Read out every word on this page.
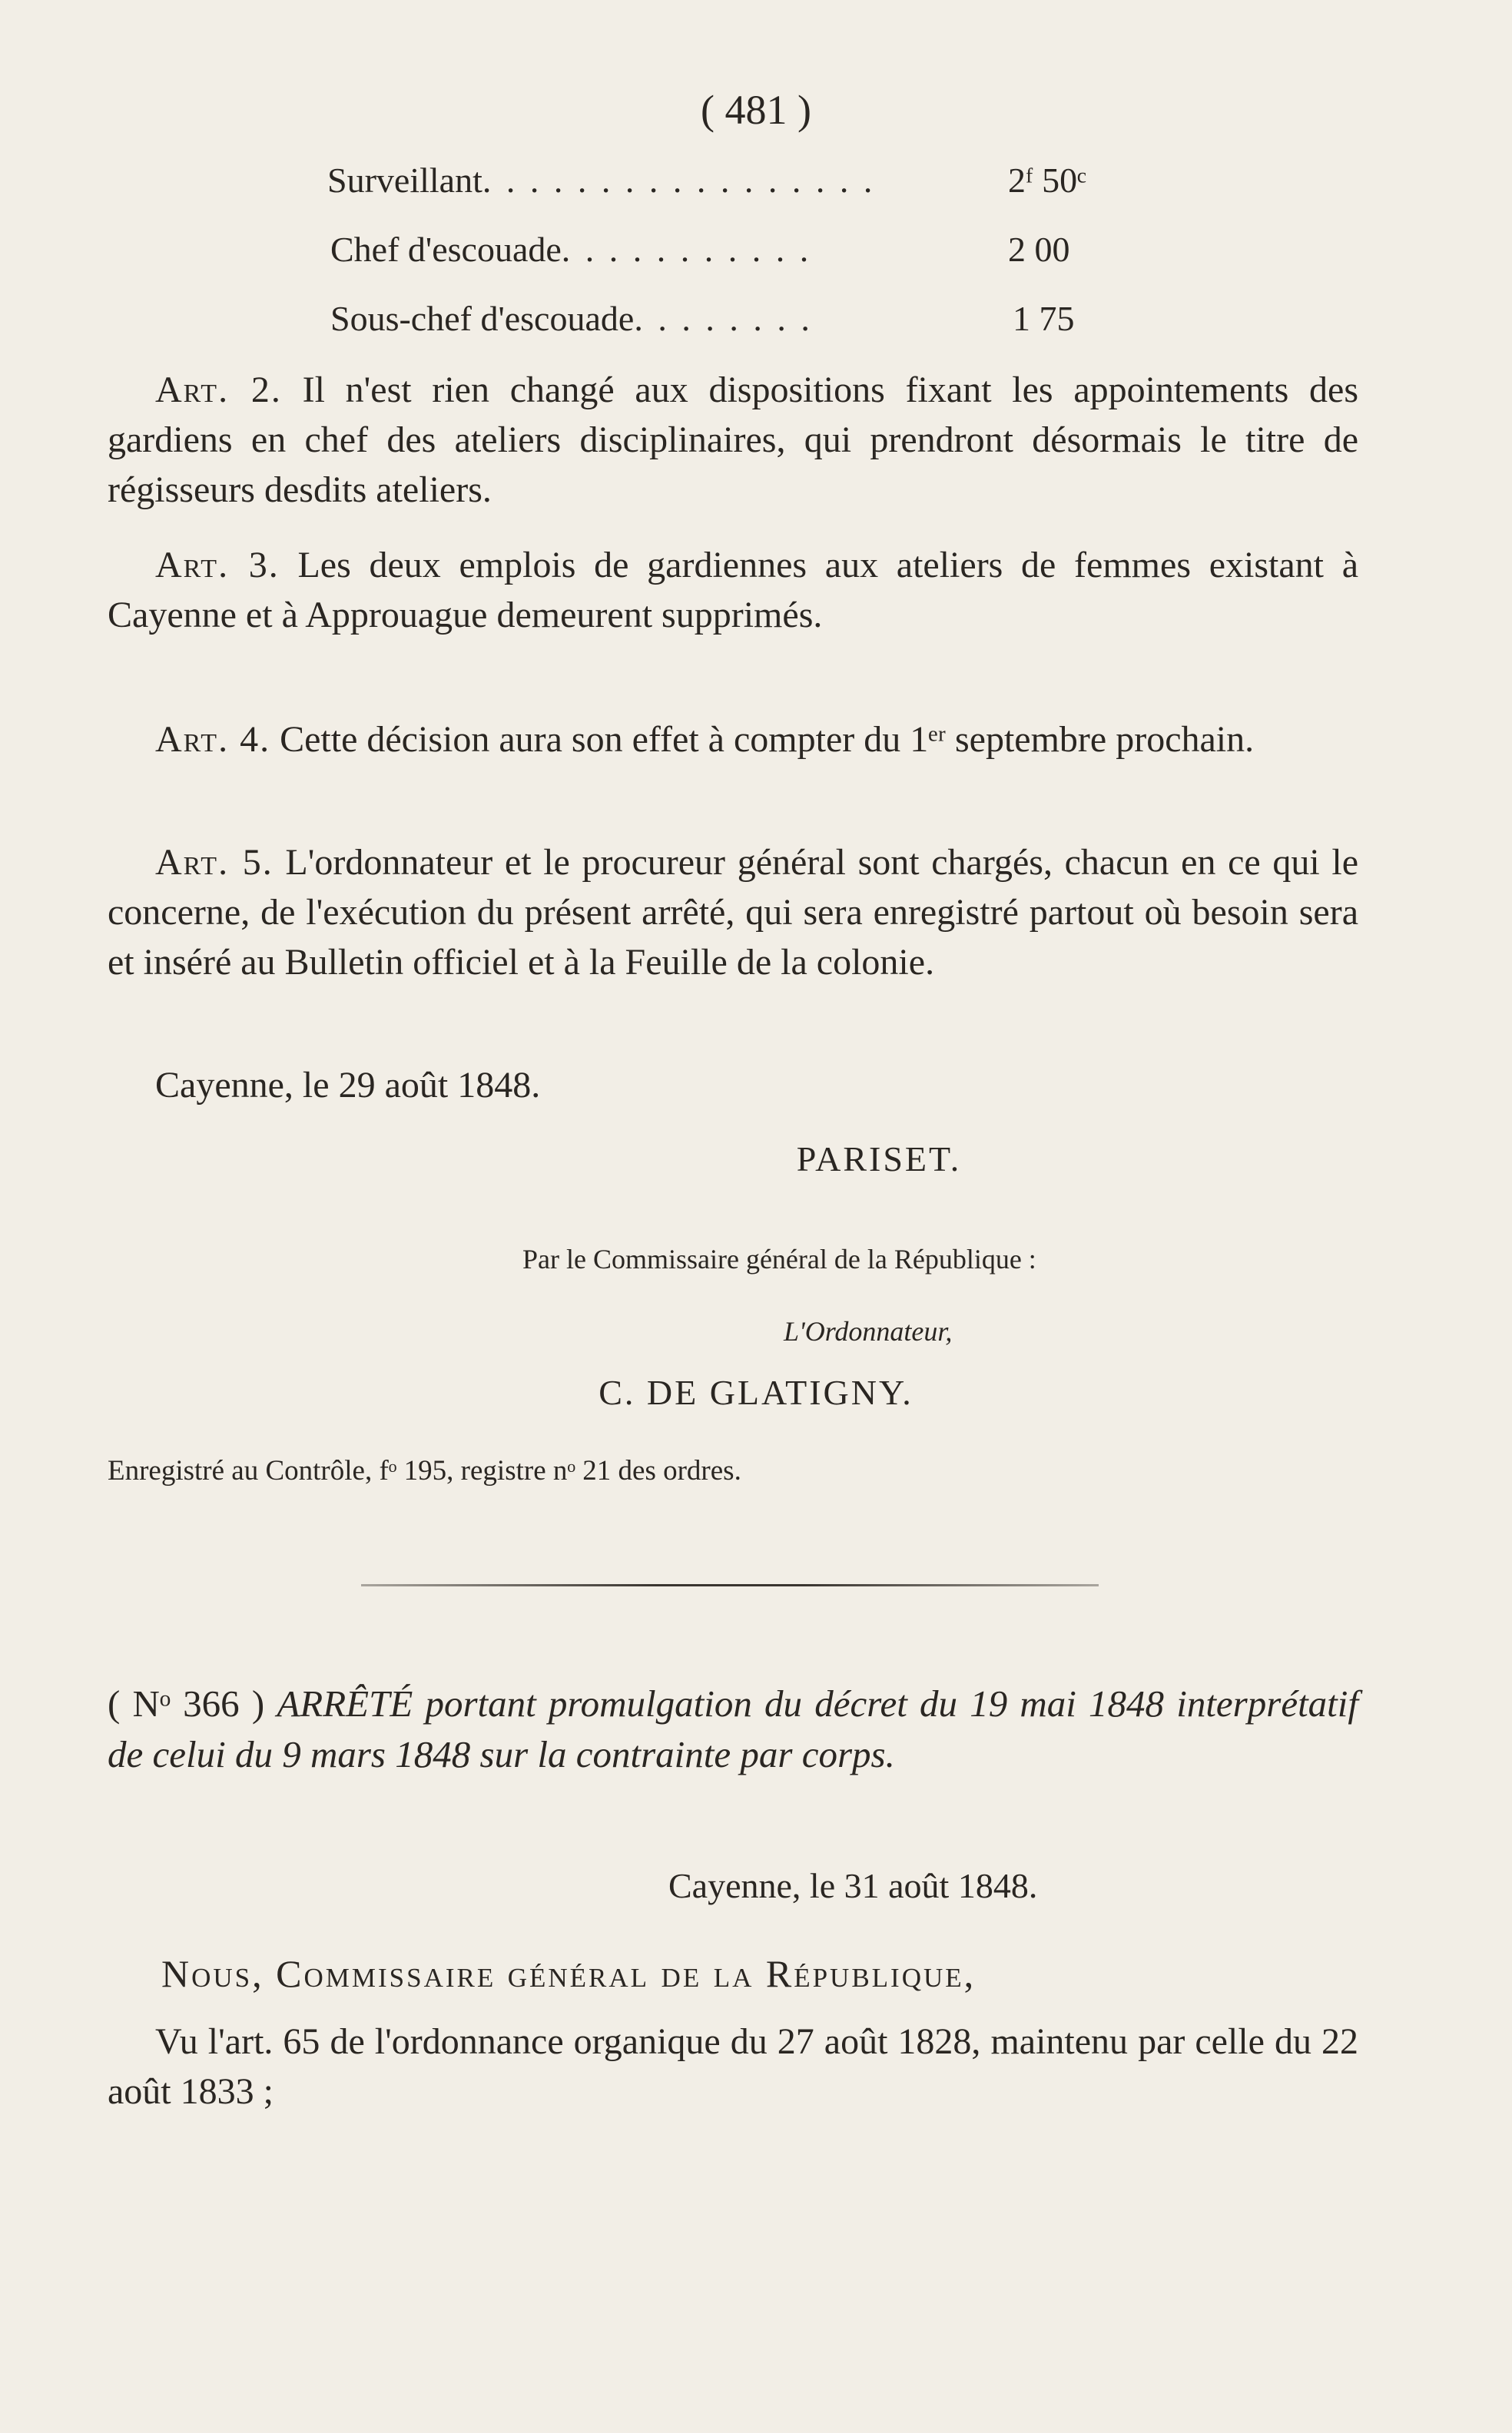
( 481 )
Surveillant. . . . . . . . . . . . . . . . .	2ᶠ 50ᶜ
Chef d'escouade. . . . . . . . . . .	2 00
Sous-chef d'escouade. . . . . . . .	1 75
Art. 2. Il n'est rien changé aux dispositions fixant les appointements des gardiens en chef des ateliers disciplinaires, qui prendront désormais le titre de régisseurs desdits ateliers.
Art. 3. Les deux emplois de gardiennes aux ateliers de femmes existant à Cayenne et à Approuague demeurent supprimés.
Art. 4. Cette décision aura son effet à compter du 1ᵉʳ septembre prochain.
Art. 5. L'ordonnateur et le procureur général sont chargés, chacun en ce qui le concerne, de l'exécution du présent arrêté, qui sera enregistré partout où besoin sera et inséré au Bulletin officiel et à la Feuille de la colonie.
Cayenne, le 29 août 1848.
PARISET.
Par le Commissaire général de la République :
L'Ordonnateur,
C. DE GLATIGNY.
Enregistré au Contrôle, fᵒ 195, registre nᵒ 21 des ordres.
( Nᵒ 366 ) ARRÊTÉ portant promulgation du décret du 19 mai 1848 interprétatif de celui du 9 mars 1848 sur la contrainte par corps.
Cayenne, le 31 août 1848.
Nous, Commissaire général de la République,
Vu l'art. 65 de l'ordonnance organique du 27 août 1828, maintenu par celle du 22 août 1833 ;
